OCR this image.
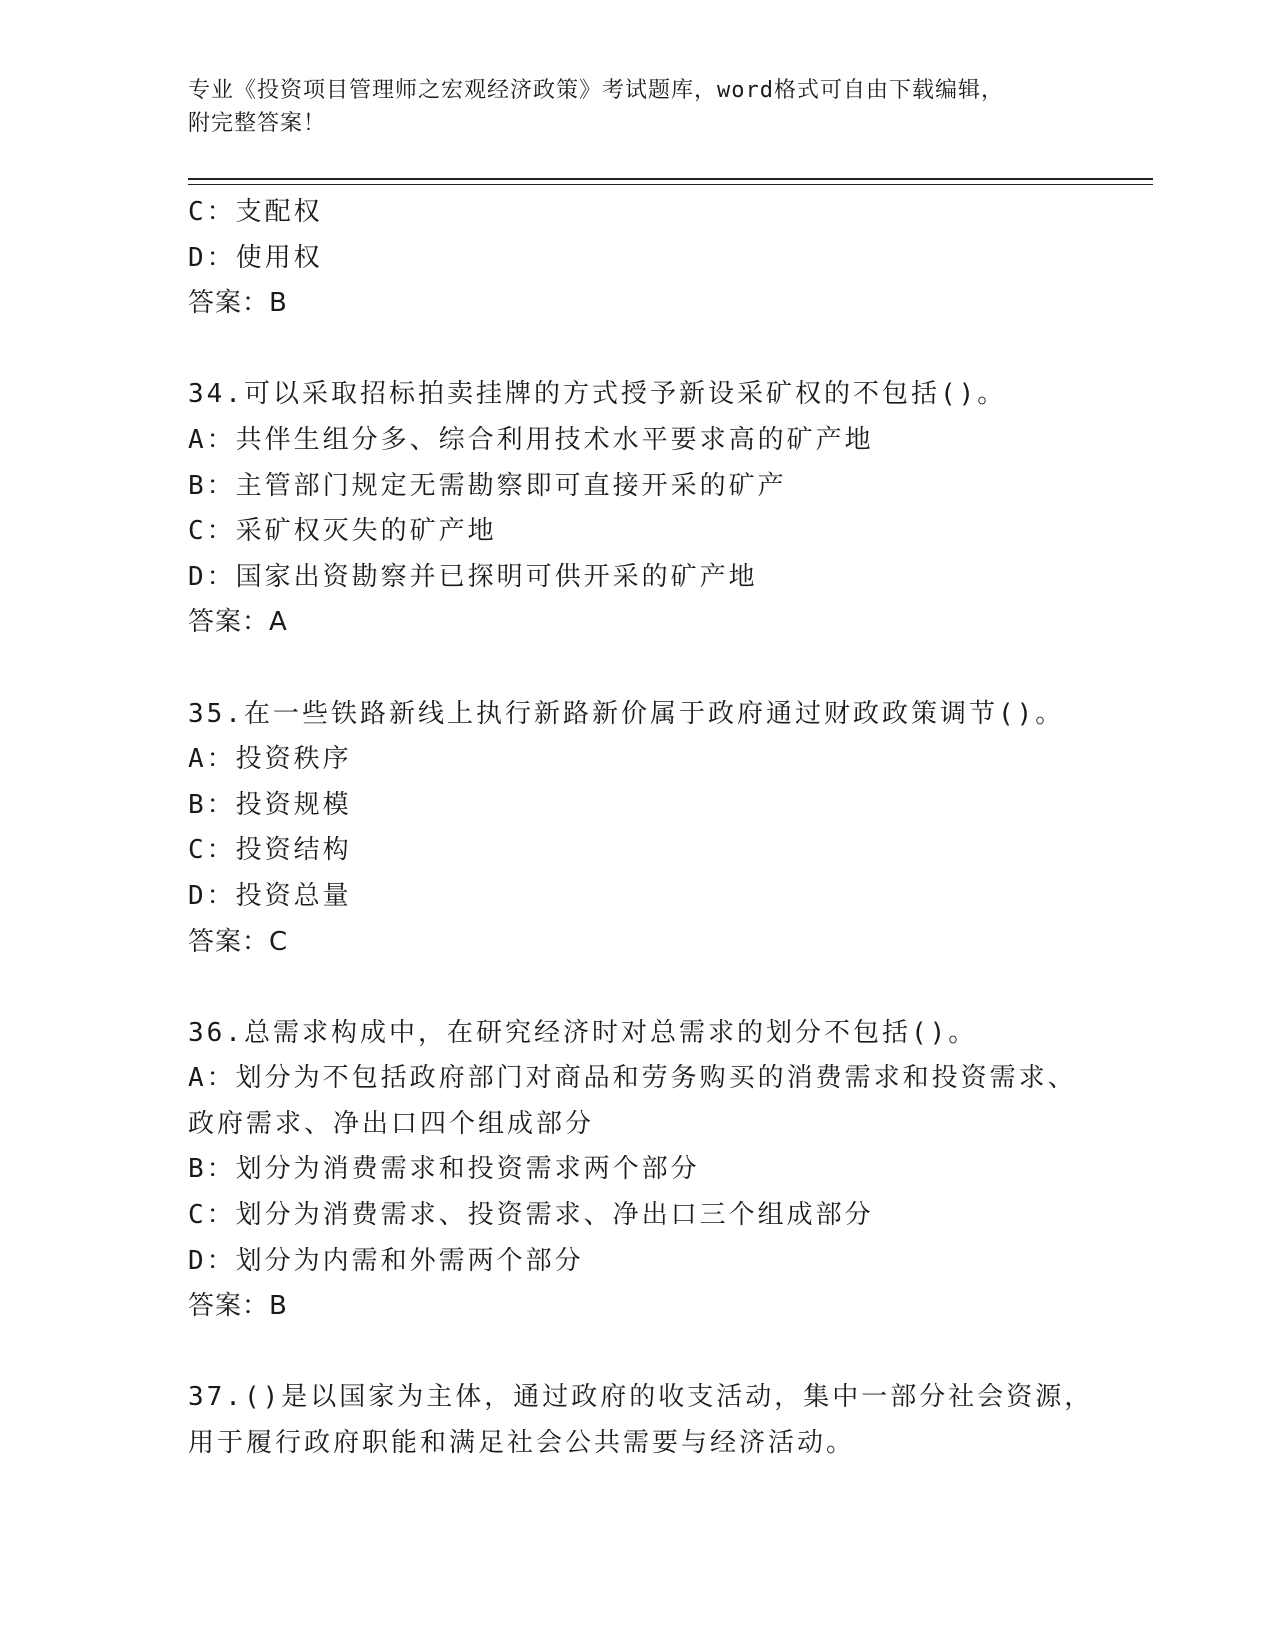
专业《投资项目管理师之宏观经济政策》考试题库，word格式可自由下载编辑，
附完整答案！
C：支配权
D：使用权
答案：B
34.可以采取招标拍卖挂牌的方式授予新设采矿权的不包括()。
A：共伴生组分多、综合利用技术水平要求高的矿产地
B：主管部门规定无需勘察即可直接开采的矿产
C：采矿权灭失的矿产地
D：国家出资勘察并已探明可供开采的矿产地
答案：A
35.在一些铁路新线上执行新路新价属于政府通过财政政策调节()。
A：投资秩序
B：投资规模
C：投资结构
D：投资总量
答案：C
36.总需求构成中，在研究经济时对总需求的划分不包括()。
A：划分为不包括政府部门对商品和劳务购买的消费需求和投资需求、
政府需求、净出口四个组成部分
B：划分为消费需求和投资需求两个部分
C：划分为消费需求、投资需求、净出口三个组成部分
D：划分为内需和外需两个部分
答案：B
37.()是以国家为主体，通过政府的收支活动，集中一部分社会资源，
用于履行政府职能和满足社会公共需要与经济活动。
